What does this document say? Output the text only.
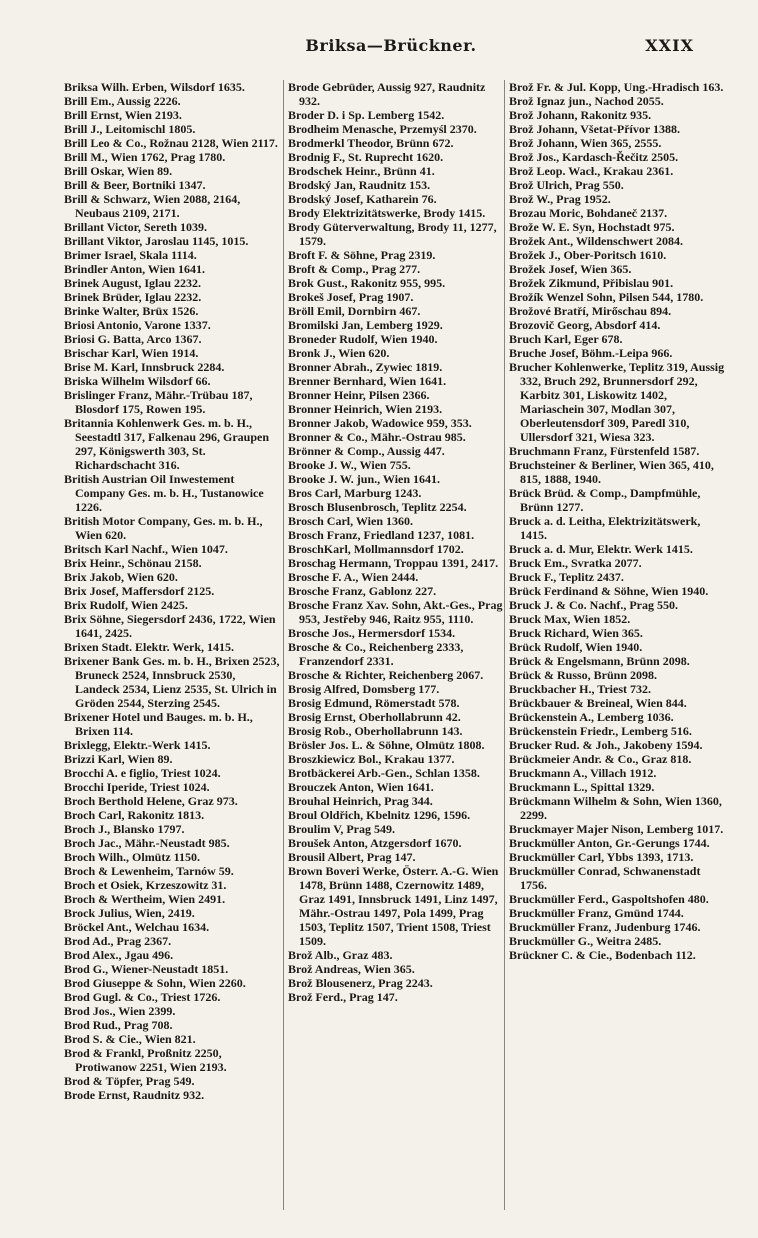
Briksa—Brückner.	XXIX

Briksa Wilh. Erben, Wilsdorf 1635.

Brill Em., Aussig 2226.

Brill Ernst, Wien 2193.

Brill J., Leitomischl 1805.

Brill Leo & Co., Rožnau 2128, Wien 2117.

Brill M., Wien 1762, Prag 1780.

Brill Oskar, Wien 89.

Brill & Beer, Bortniki 1347.

Brill & Schwarz, Wien 2088, 2164, Neubaus 2109, 2171.

Brillant Victor, Sereth 1039.

Brillant Viktor, Jaroslau 1145, 1015.

Brimer Israel, Skala 1114.

Brindler Anton, Wien 1641.

Brinek August, Iglau 2232.

Brinek Brüder, Iglau 2232.

Brinke Walter, Brüx 1526.

Briosi Antonio, Varone 1337.

Briosi G. Batta, Arco 1367.

Brischar Karl, Wien 1914.

Brise M. Karl, Innsbruck 2284.

Briska Wilhelm Wilsdorf 66.

Brislinger Franz, Mähr.-Trübau 187, Blosdorf 175, Rowen 195.

Britannia Kohlenwerk Ges. m. b. H., Seestadtl 317, Falkenau 296, Graupen 297, Königswerth 303, St. Richardschacht 316.

British Austrian Oil Inwestement Company Ges. m. b. H., Tustanowice 1226.

British Motor Company, Ges. m. b. H., Wien 620.

Britsch Karl Nachf., Wien 1047.

Brix Heinr., Schönau 2158.

Brix Jakob, Wien 620.

Brix Josef, Maffersdorf 2125.

Brix Rudolf, Wien 2425.

Brix Söhne, Siegersdorf 2436, 1722, Wien 1641, 2425.

Brixen Stadt. Elektr. Werk, 1415.

Brixener Bank Ges. m. b. H., Brixen 2523, Bruneck 2524, Innsbruck 2530, Landeck 2534, Lienz 2535, St. Ulrich in Gröden 2544, Sterzing 2545.

Brixener Hotel und Bauges. m. b. H., Brixen 114.

Brixlegg, Elektr.-Werk 1415.

Brizzi Karl, Wien 89.

Brocchi A. e figlio, Triest 1024.

Brocchi Iperide, Triest 1024.

Broch Berthold Helene, Graz 973.

Broch Carl, Rakonitz 1813.

Broch J., Blansko 1797.

Broch Jac., Mähr.-Neustadt 985.

Broch Wilh., Olmütz 1150.

Broch & Lewenheim, Tarnów 59.

Broch et Osiek, Krzeszowitz 31.

Broch & Wertheim, Wien 2491.

Brock Julius, Wien, 2419.

Bröckel Ant., Welchau 1634.

Brod Ad., Prag 2367.

Brod Alex., Jgau 496.

Brod G., Wiener-Neustadt 1851.

Brod Giuseppe & Sohn, Wien 2260.

Brod Gugl. & Co., Triest 1726.

Brod Jos., Wien 2399.

Brod Rud., Prag 708.

Brod S. & Cie., Wien 821.

Brod & Frankl, Proßnitz 2250, Protiwanow 2251, Wien 2193.

Brod & Töpfer, Prag 549.

Brode Ernst, Raudnitz 932.

Brode Gebrüder, Aussig 927, Raudnitz 932.

Broder D. i Sp. Lemberg 1542.

Brodheim Menasche, Przemyśl 2370.

Brodmerkl Theodor, Brünn 672.

Brodnig F., St. Ruprecht 1620.

Brodschek Heinr., Brünn 41.

Brodský Jan, Raudnitz 153.

Brodský Josef, Katharein 76.

Brody Elektrizitätswerke, Brody 1415.

Brody Güterverwaltung, Brody 11, 1277, 1579.

Broft F. & Söhne, Prag 2319.

Broft & Comp., Prag 277.

Brok Gust., Rakonitz 955, 995.

Brokeš Josef, Prag 1907.

Bröll Emil, Dornbirn 467.

Bromilski Jan, Lemberg 1929.

Broneder Rudolf, Wien 1940.

Bronk J., Wien 620.

Bronner Abrah., Zywiec 1819.

Brenner Bernhard, Wien 1641.

Bronner Heinr, Pilsen 2366.

Bronner Heinrich, Wien 2193.

Bronner Jakob, Wadowice 959, 353.

Bronner & Co., Mähr.-Ostrau 985.

Brönner & Comp., Aussig 447.

Brooke J. W., Wien 755.

Brooke J. W. jun., Wien 1641.

Bros Carl, Marburg 1243.

Brosch Blusenbrosch, Teplitz 2254.

Brosch Carl, Wien 1360.

Brosch Franz, Friedland 1237, 1081.

BroschKarl, Mollmannsdorf 1702.

Broschag Hermann, Troppau 1391, 2417.

Brosche F. A., Wien 2444.

Brosche Franz, Gablonz 227.

Brosche Franz Xav. Sohn, Akt.-Ges., Prag 953, Jestřeby 946, Raitz 955, 1110.

Brosche Jos., Hermersdorf 1534.

Brosche & Co., Reichenberg 2333, Franzendorf 2331.

Brosche & Richter, Reichenberg 2067.

Brosig Alfred, Domsberg 177.

Brosig Edmund, Römerstadt 578.

Brosig Ernst, Oberhollabrunn 42.

Brosig Rob., Oberhollabrunn 143.

Brösler Jos. L. & Söhne, Olmütz 1808.

Broszkiewicz Bol., Krakau 1377.

Brotbäckerei Arb.-Gen., Schlan 1358.

Brouczek Anton, Wien 1641.

Brouhal Heinrich, Prag 344.

Broul Oldřich, Kbelnitz 1296, 1596.

Broulim V, Prag 549.

Broušek Anton, Atzgersdorf 1670.

Brousil Albert, Prag 147.

Brown Boveri Werke, Österr. A.-G. Wien 1478, Brünn 1488, Czernowitz 1489, Graz 1491, Innsbruck 1491, Linz 1497, Mähr.-Ostrau 1497, Pola 1499, Prag 1503, Teplitz 1507, Trient 1508, Triest 1509.

Brož Alb., Graz 483.

Brož Andreas, Wien 365.

Brož Blousenerz, Prag 2243.

Brož Ferd., Prag 147.

Brož Fr. & Jul. Kopp, Ung.-Hradisch 163.

Brož Ignaz jun., Nachod 2055.

Brož Johann, Rakonitz 935.

Brož Johann, Všetat-Přívor 1388.

Brož Johann, Wien 365, 2555.

Brož Jos., Kardasch-Řečitz 2505.

Brož Leop. Wacł., Krakau 2361.

Brož Ulrich, Prag 550.

Brož W., Prag 1952.

Brozau Moric, Bohdaneč 2137.

Brože W. E. Syn, Hochstadt 975.

Brožek Ant., Wildenschwert 2084.

Brožek J., Ober-Poritsch 1610.

Brožek Josef, Wien 365.

Brožek Zikmund, Přibislau 901.

Brožík Wenzel Sohn, Pilsen 544, 1780.

Brožové Bratří, Mirőschau 894.

Brozovič Georg, Absdorf 414.

Bruch Karl, Eger 678.

Bruche Josef, Böhm.-Leipa 966.

Brucher Kohlenwerke, Teplitz 319, Aussig 332, Bruch 292, Brunnersdorf 292, Karbitz 301, Liskowitz 1402, Mariaschein 307, Modlan 307, Oberleutensdorf 309, Paredl 310, Ullersdorf 321, Wiesa 323.

Bruchmann Franz, Fürstenfeld 1587.

Bruchsteiner & Berliner, Wien 365, 410, 815, 1888, 1940.

Brück Brüd. & Comp., Dampfmühle, Brünn 1277.

Bruck a. d. Leitha, Elektrizitätswerk, 1415.

Bruck a. d. Mur, Elektr. Werk 1415.

Bruck Em., Svratka 2077.

Bruck F., Teplitz 2437.

Brück Ferdinand & Söhne, Wien 1940.

Bruck J. & Co. Nachf., Prag 550.

Bruck Max, Wien 1852.

Bruck Richard, Wien 365.

Brück Rudolf, Wien 1940.

Brück & Engelsmann, Brünn 2098.

Brück & Russo, Brünn 2098.

Bruckbacher H., Triest 732.

Brückbauer & Breineal, Wien 844.

Brückenstein A., Lemberg 1036.

Brückenstein Friedr., Lemberg 516.

Brucker Rud. & Joh., Jakobeny 1594.

Brückmeier Andr. & Co., Graz 818.

Bruckmann A., Villach 1912.

Bruckmann L., Spittal 1329.

Brückmann Wilhelm & Sohn, Wien 1360, 2299.

Bruckmayer Majer Nison, Lemberg 1017.

Bruckmüller Anton, Gr.-Gerungs 1744.

Bruckmüller Carl, Ybbs 1393, 1713.

Bruckmüller Conrad, Schwanenstadt 1756.

Bruckmüller Ferd., Gaspoltshofen 480.

Bruckmüller Franz, Gmünd 1744.

Bruckmüller Franz, Judenburg 1746.

Bruckmüller G., Weitra 2485.

Brückner C. & Cie., Bodenbach 112.
